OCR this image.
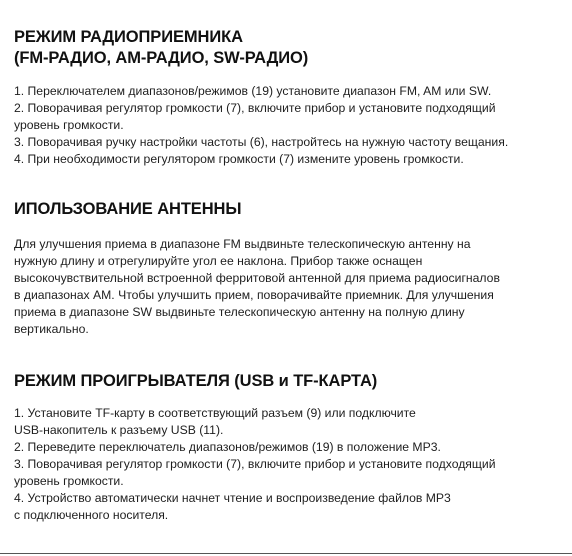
РЕЖИМ РАДИОПРИЕМНИКА
(FM-РАДИО, AM-РАДИО, SW-РАДИО)
1. Переключателем диапазонов/режимов (19) установите диапазон FM, AM или SW.
2. Поворачивая регулятор громкости (7), включите прибор и установите подходящий
уровень громкости.
3. Поворачивая ручку настройки частоты (6), настройтесь на нужную частоту вещания.
4. При необходимости регулятором громкости (7) измените уровень громкости.
ИПОЛЬЗОВАНИЕ АНТЕННЫ
Для улучшения приема в диапазоне FM выдвиньте телескопическую антенну на
нужную длину и отрегулируйте угол ее наклона. Прибор также оснащен
высокочувствительной встроенной ферритовой антенной для приема радиосигналов
в диапазонах AM. Чтобы улучшить прием, поворачивайте приемник. Для улучшения
приема в диапазоне SW выдвиньте телескопическую антенну на полную длину
вертикально.
РЕЖИМ ПРОИГРЫВАТЕЛЯ (USB и TF-КАРТА)
1. Установите TF-карту в соответствующий разъем (9) или подключите
USB-накопитель к разъему USB (11).
2. Переведите переключатель диапазонов/режимов (19) в положение MP3.
3. Поворачивая регулятор громкости (7), включите прибор и установите подходящий
уровень громкости.
4. Устройство автоматически начнет чтение и воспроизведение файлов MP3
с подключенного носителя.
